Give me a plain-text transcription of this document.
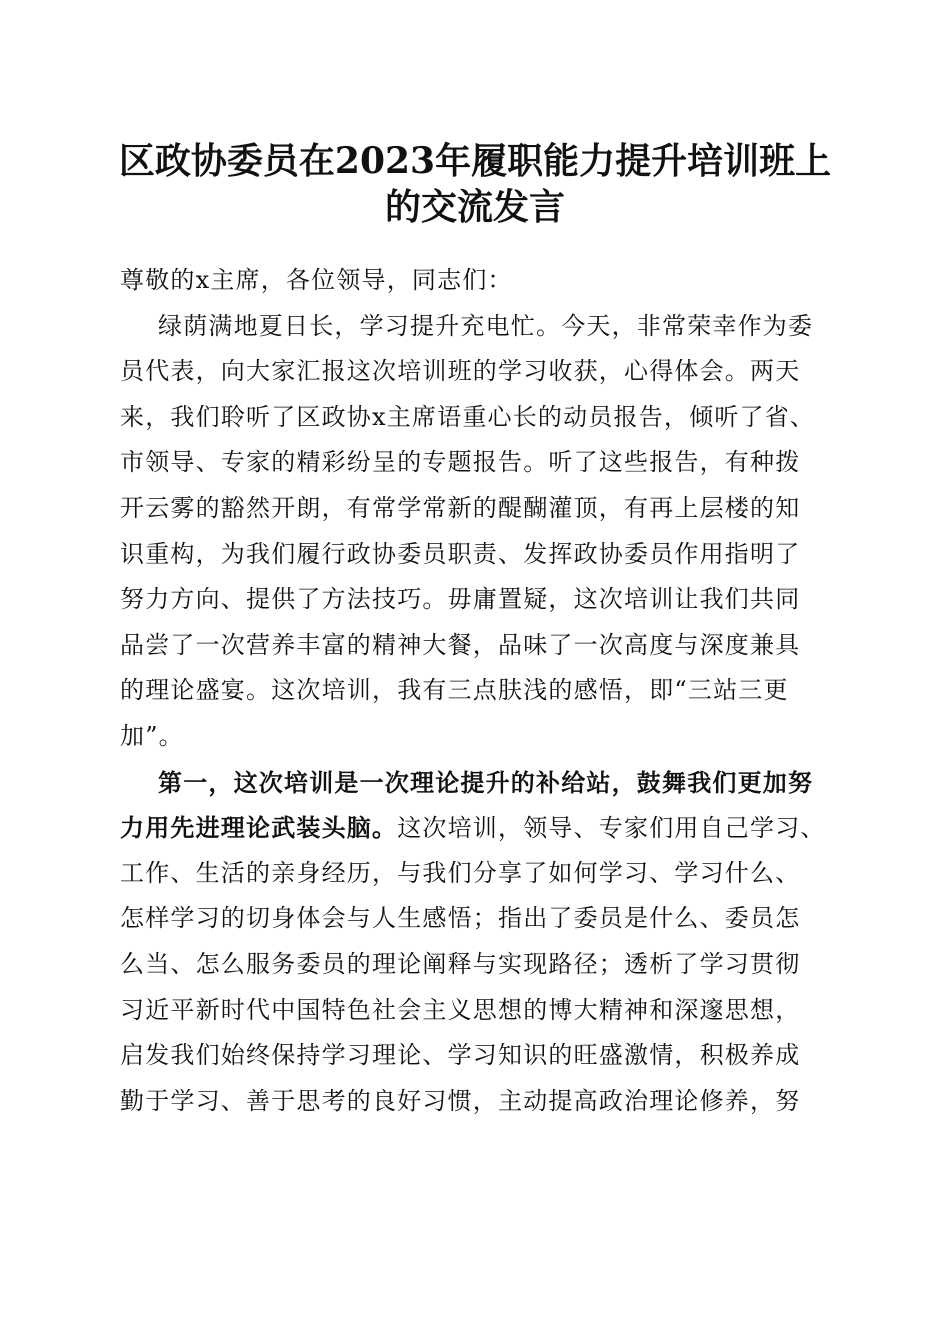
区政协委员在2023年履职能力提升培训班上
的交流发言
尊敬的x主席，各位领导，同志们：
绿荫满地夏日长，学习提升充电忙。今天，非常荣幸作为委
员代表，向大家汇报这次培训班的学习收获，心得体会。两天
来，我们聆听了区政协x主席语重心长的动员报告，倾听了省、
市领导、专家的精彩纷呈的专题报告。听了这些报告，有种拨
开云雾的豁然开朗，有常学常新的醍醐灌顶，有再上层楼的知
识重构，为我们履行政协委员职责、发挥政协委员作用指明了
努力方向、提供了方法技巧。毋庸置疑，这次培训让我们共同
品尝了一次营养丰富的精神大餐，品味了一次高度与深度兼具
的理论盛宴。这次培训，我有三点肤浅的感悟，即“三站三更
加”。
第一，这次培训是一次理论提升的补给站，鼓舞我们更加努
力用先进理论武装头脑。这次培训，领导、专家们用自己学习、
工作、生活的亲身经历，与我们分享了如何学习、学习什么、
怎样学习的切身体会与人生感悟；指出了委员是什么、委员怎
么当、怎么服务委员的理论阐释与实现路径；透析了学习贯彻
习近平新时代中国特色社会主义思想的博大精神和深邃思想，
启发我们始终保持学习理论、学习知识的旺盛激情，积极养成
勤于学习、善于思考的良好习惯，主动提高政治理论修养，努
